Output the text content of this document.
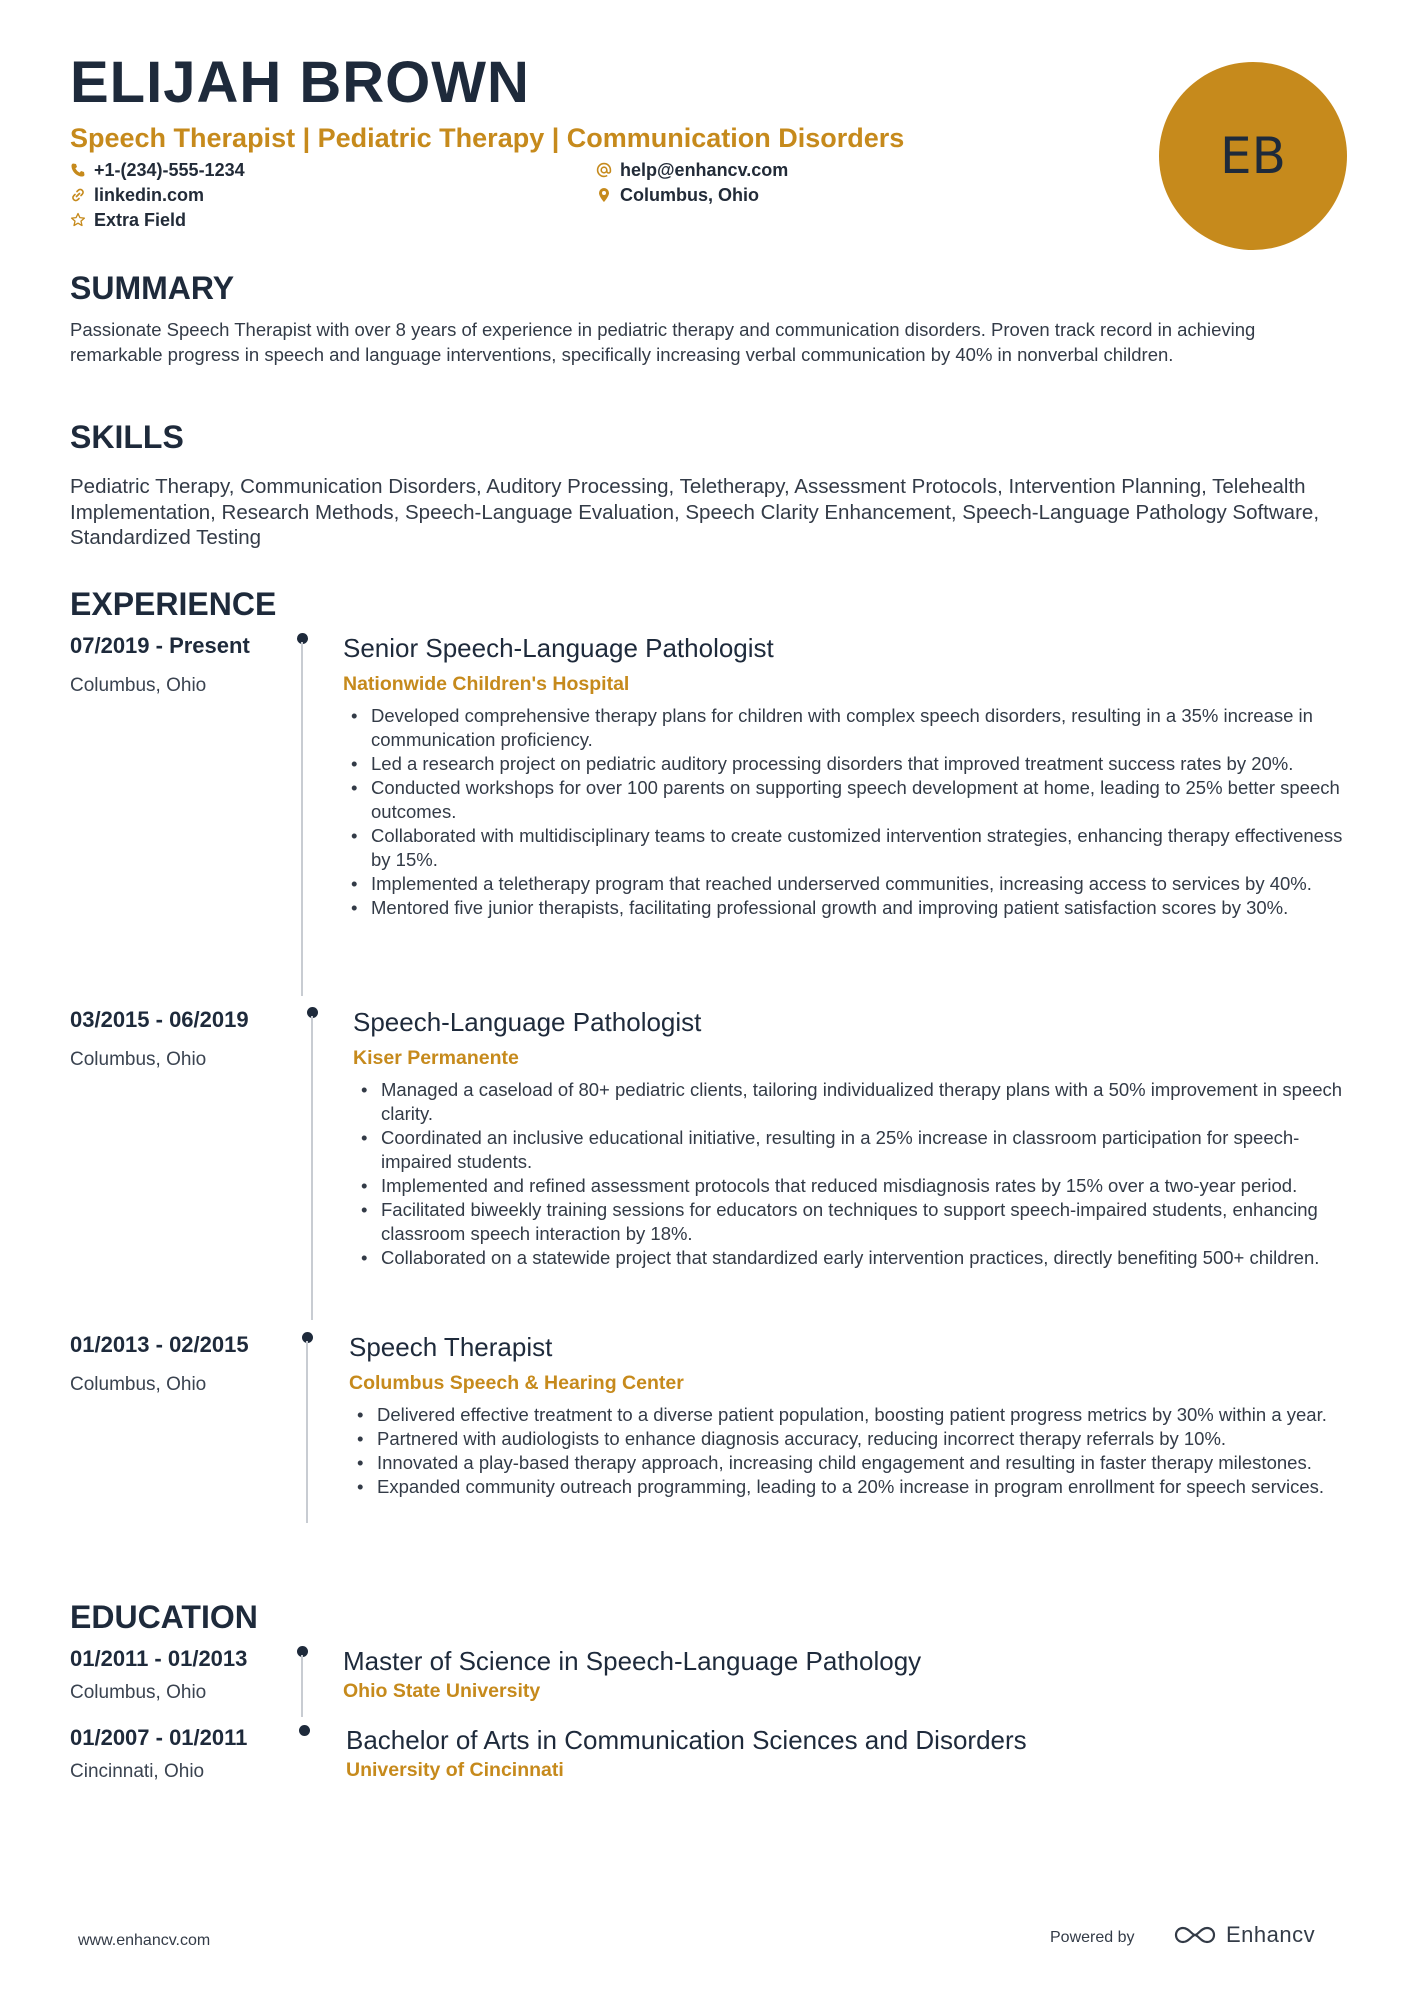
ELIJAH BROWN
Speech Therapist | Pediatric Therapy | Communication Disorders
+1-(234)-555-1234	help@enhancv.com
linkedin.com	Columbus, Ohio
Extra Field
EB
SUMMARY
Passionate Speech Therapist with over 8 years of experience in pediatric therapy and communication disorders. Proven track record in achieving remarkable progress in speech and language interventions, specifically increasing verbal communication by 40% in nonverbal children.
SKILLS
Pediatric Therapy, Communication Disorders, Auditory Processing, Teletherapy, Assessment Protocols, Intervention Planning, Telehealth Implementation, Research Methods, Speech-Language Evaluation, Speech Clarity Enhancement, Speech-Language Pathology Software, Standardized Testing
EXPERIENCE
07/2019 - Present
Columbus, Ohio
Senior Speech-Language Pathologist
Nationwide Children's Hospital
• Developed comprehensive therapy plans for children with complex speech disorders, resulting in a 35% increase in communication proficiency.
• Led a research project on pediatric auditory processing disorders that improved treatment success rates by 20%.
• Conducted workshops for over 100 parents on supporting speech development at home, leading to 25% better speech outcomes.
• Collaborated with multidisciplinary teams to create customized intervention strategies, enhancing therapy effectiveness by 15%.
• Implemented a teletherapy program that reached underserved communities, increasing access to services by 40%.
• Mentored five junior therapists, facilitating professional growth and improving patient satisfaction scores by 30%.
03/2015 - 06/2019
Columbus, Ohio
Speech-Language Pathologist
Kiser Permanente
• Managed a caseload of 80+ pediatric clients, tailoring individualized therapy plans with a 50% improvement in speech clarity.
• Coordinated an inclusive educational initiative, resulting in a 25% increase in classroom participation for speech-impaired students.
• Implemented and refined assessment protocols that reduced misdiagnosis rates by 15% over a two-year period.
• Facilitated biweekly training sessions for educators on techniques to support speech-impaired students, enhancing classroom speech interaction by 18%.
• Collaborated on a statewide project that standardized early intervention practices, directly benefiting 500+ children.
01/2013 - 02/2015
Columbus, Ohio
Speech Therapist
Columbus Speech & Hearing Center
• Delivered effective treatment to a diverse patient population, boosting patient progress metrics by 30% within a year.
• Partnered with audiologists to enhance diagnosis accuracy, reducing incorrect therapy referrals by 10%.
• Innovated a play-based therapy approach, increasing child engagement and resulting in faster therapy milestones.
• Expanded community outreach programming, leading to a 20% increase in program enrollment for speech services.
EDUCATION
01/2011 - 01/2013
Columbus, Ohio
Master of Science in Speech-Language Pathology
Ohio State University
01/2007 - 01/2011
Cincinnati, Ohio
Bachelor of Arts in Communication Sciences and Disorders
University of Cincinnati
www.enhancv.com	Powered by	Enhancv
